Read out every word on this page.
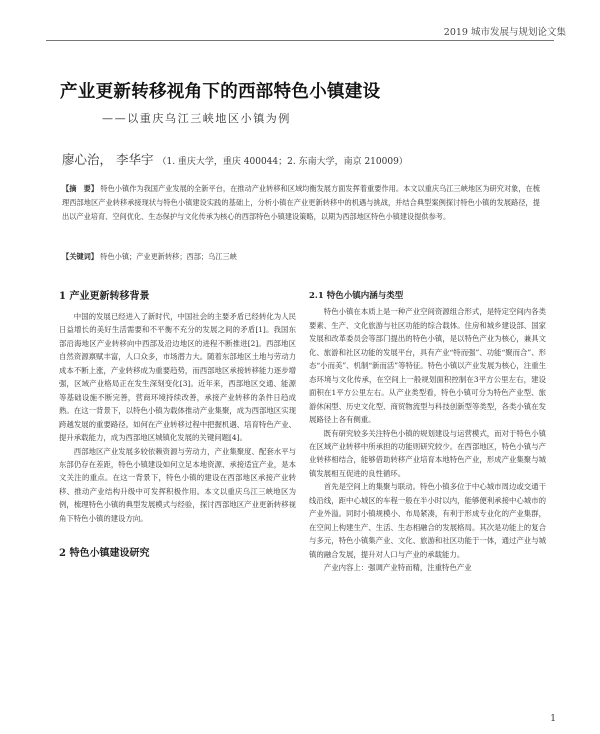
2019 城市发展与规划论文集
产业更新转移视角下的西部特色小镇建设
——以重庆乌江三峡地区小镇为例
廖心治， 李华宇 （1. 重庆大学，重庆 400044；2. 东南大学，南京 210009）
【摘　要】 特色小镇作为我国产业发展的全新平台，在推动产业转移和区域均衡发展方面发挥着重要作用。本文以重庆乌江三峡地区为研究对象，在梳理西部地区产业转移承接现状与特色小镇建设实践的基础上，分析小镇在产业更新转移中的机遇与挑战，并结合典型案例探讨特色小镇的发展路径，提出以产业培育、空间优化、生态保护与文化传承为核心的西部特色小镇建设策略，以期为西部地区特色小镇建设提供参考。
【关键词】 特色小镇；产业更新转移；西部；乌江三峡
1 产业更新转移背景

中国的发展已经进入了新时代，中国社会的主要矛盾已经转化为人民日益增长的美好生活需要和不平衡不充分的发展之间的矛盾[1]。我国东部沿海地区产业转移向中西部及沿边地区的进程不断推进[2]。西部地区自然资源禀赋丰富，人口众多，市场潜力大。随着东部地区土地与劳动力成本不断上涨，产业转移成为重要趋势，而西部地区承接转移能力逐步增强，区域产业格局正在发生深刻变化[3]。近年来，西部地区交通、能源等基础设施不断完善，营商环境持续改善，承接产业转移的条件日趋成熟。在这一背景下，以特色小镇为载体推动产业集聚，成为西部地区实现跨越发展的重要路径。如何在产业转移过程中把握机遇、培育特色产业、提升承载能力，成为西部地区城镇化发展的关键问题[4]。

西部地区产业发展多较依赖资源与劳动力，产业集聚度、配套水平与东部仍存在差距，特色小镇建设如何立足本地资源、承接适宜产业，是本文关注的重点。在这一背景下，特色小镇的建设在西部地区承接产业转移、推动产业结构升级中可发挥积极作用。本文以重庆乌江三峡地区为例，梳理特色小镇的典型发展模式与经验，探讨西部地区产业更新转移视角下特色小镇的建设方向。

2 特色小镇建设研究
2.1 特色小镇内涵与类型

特色小镇在本质上是一种产业空间资源组合形式，是特定空间内各类要素、生产、文化旅游与社区功能的综合载体。住房和城乡建设部、国家发展和改革委员会等部门提出的特色小镇，是以特色产业为核心，兼具文化、旅游和社区功能的发展平台，具有产业“特而强”、功能“聚而合”、形态“小而美”、机制“新而活”等特征。特色小镇以产业发展为核心，注重生态环境与文化传承，在空间上一般规划面积控制在3平方公里左右，建设面积在1平方公里左右。从产业类型看，特色小镇可分为特色产业型、旅游休闲型、历史文化型、商贸物流型与科技创新型等类型，各类小镇在发展路径上各有侧重。

既有研究较多关注特色小镇的规划建设与运营模式，而对于特色小镇在区域产业转移中所承担的功能则研究较少。在西部地区，特色小镇与产业转移相结合，能够借助转移产业培育本地特色产业，形成产业集聚与城镇发展相互促进的良性循环。

首先是空间上的集聚与联动。特色小镇多位于中心城市周边或交通干线沿线，距中心城区的车程一般在半小时以内，能够便利承接中心城市的产业外溢。同时小镇规模小、布局紧凑，有利于形成专业化的产业集群，在空间上构建生产、生活、生态相融合的发展格局。其次是功能上的复合与多元，特色小镇集产业、文化、旅游和社区功能于一体，通过产业与城镇的融合发展，提升对人口与产业的承载能力。

产业内容上：强调产业特而精，注重特色产业

1
